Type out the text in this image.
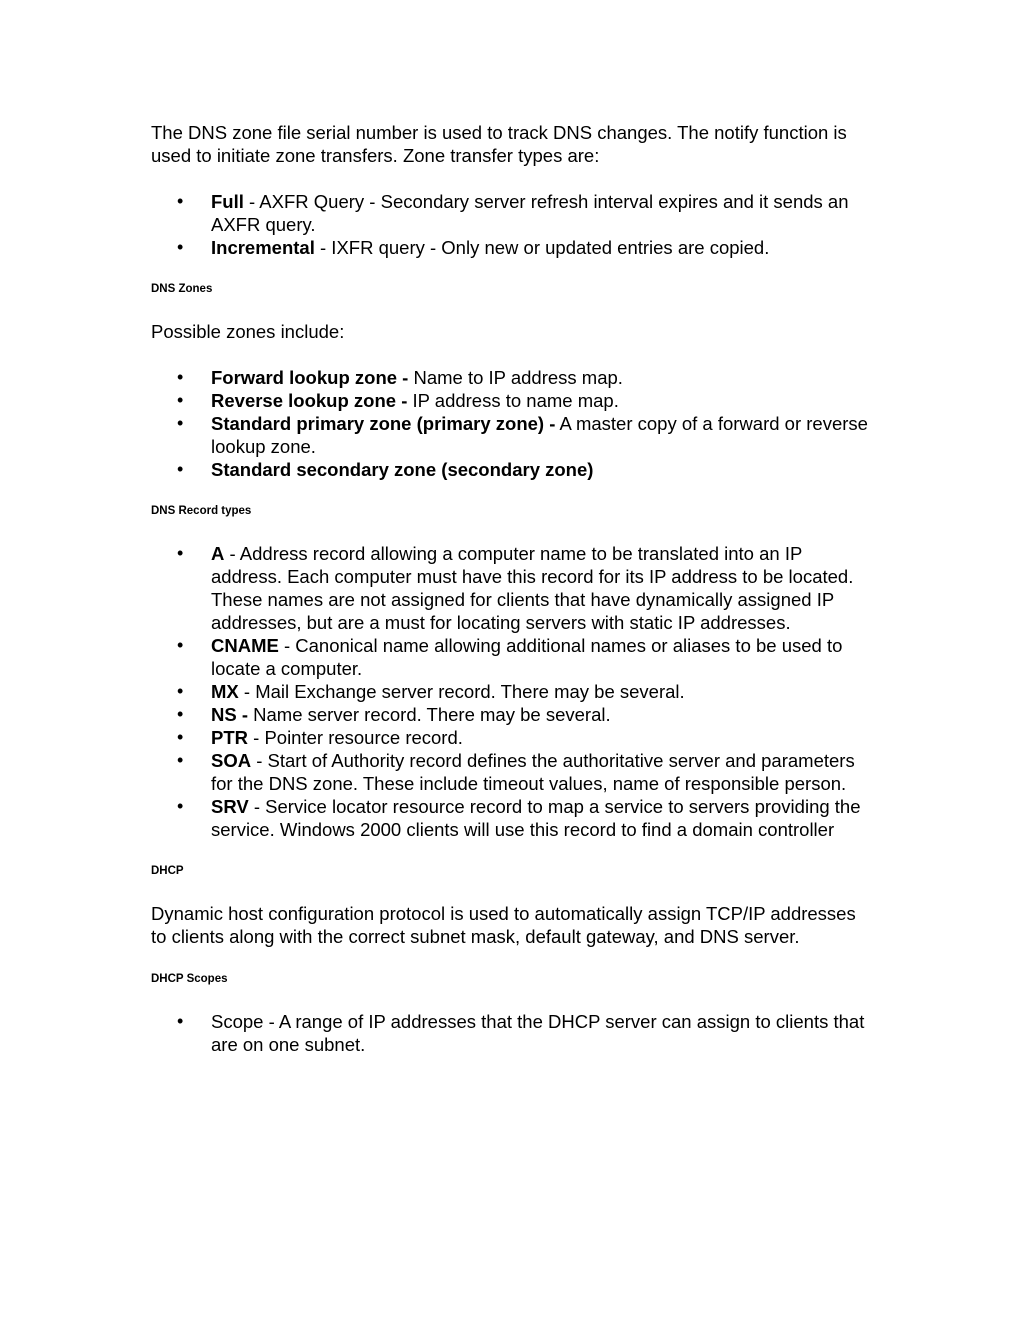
The DNS zone file serial number is used to track DNS changes. The notify function is used to initiate zone transfers. Zone transfer types are:

• Full - AXFR Query - Secondary server refresh interval expires and it sends an AXFR query.
• Incremental - IXFR query - Only new or updated entries are copied.

DNS Zones

Possible zones include:

• Forward lookup zone - Name to IP address map.
• Reverse lookup zone - IP address to name map.
• Standard primary zone (primary zone) - A master copy of a forward or reverse lookup zone.
• Standard secondary zone (secondary zone)

DNS Record types

• A - Address record allowing a computer name to be translated into an IP address. Each computer must have this record for its IP address to be located. These names are not assigned for clients that have dynamically assigned IP addresses, but are a must for locating servers with static IP addresses.
• CNAME - Canonical name allowing additional names or aliases to be used to locate a computer.
• MX - Mail Exchange server record. There may be several.
• NS - Name server record. There may be several.
• PTR - Pointer resource record.
• SOA - Start of Authority record defines the authoritative server and parameters for the DNS zone. These include timeout values, name of responsible person.
• SRV - Service locator resource record to map a service to servers providing the service. Windows 2000 clients will use this record to find a domain controller

DHCP

Dynamic host configuration protocol is used to automatically assign TCP/IP addresses to clients along with the correct subnet mask, default gateway, and DNS server.

DHCP Scopes

• Scope - A range of IP addresses that the DHCP server can assign to clients that are on one subnet.
